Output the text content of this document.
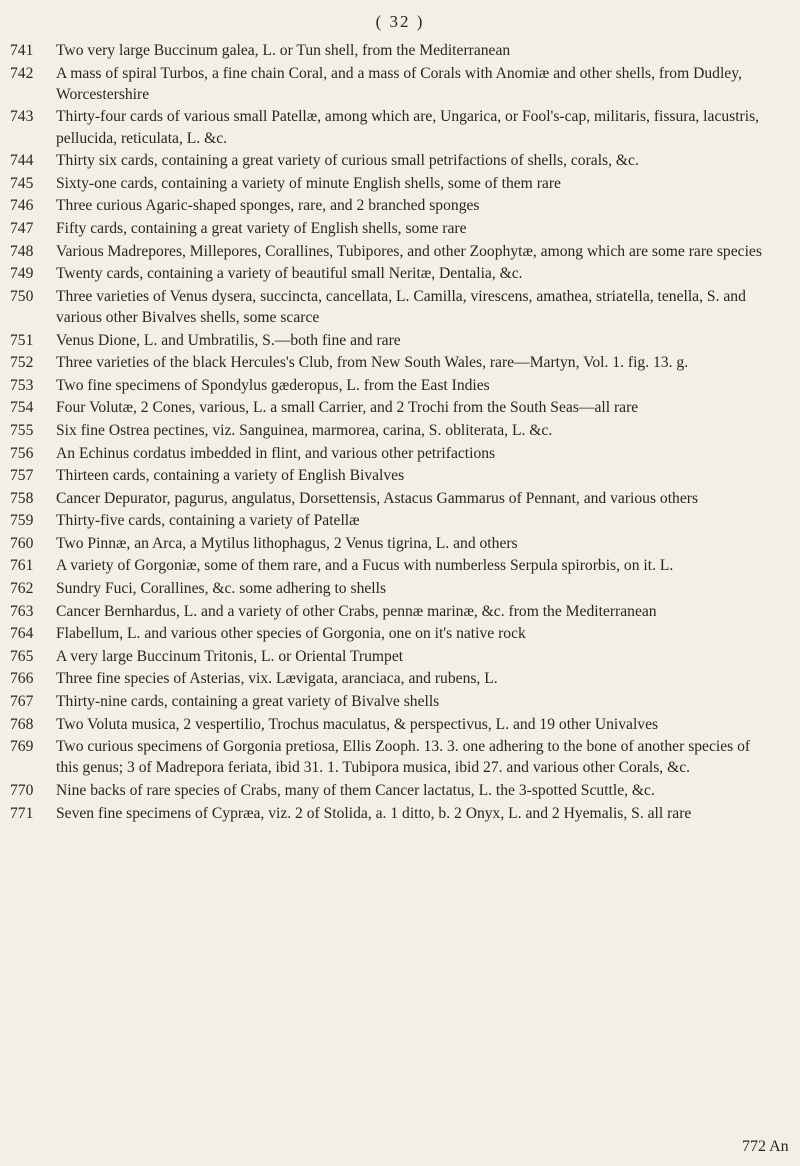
( 32 )
741	Two very large Buccinum galea, L. or Tun shell, from the Mediterranean
742	A mass of spiral Turbos, a fine chain Coral, and a mass of Corals with Anomiæ and other shells, from Dudley, Worcestershire
743	Thirty-four cards of various small Patellæ, among which are, Ungarica, or Fool's-cap, militaris, fissura, lacustris, pellucida, reticulata, L. &c.
744	Thirty six cards, containing a great variety of curious small petrifactions of shells, corals, &c.
745	Sixty-one cards, containing a variety of minute English shells, some of them rare
746	Three curious Agaric-shaped sponges, rare, and 2 branched sponges
747	Fifty cards, containing a great variety of English shells, some rare
748	Various Madrepores, Millepores, Corallines, Tubipores, and other Zoophytæ, among which are some rare species
749	Twenty cards, containing a variety of beautiful small Neritæ, Dentalia, &c.
750	Three varieties of Venus dysera, succincta, cancellata, L. Camilla, virescens, amathea, striatella, tenella, S. and various other Bivalves shells, some scarce
751	Venus Dione, L. and Umbratilis, S.—both fine and rare
752	Three varieties of the black Hercules's Club, from New South Wales, rare—Martyn, Vol. 1. fig. 13. g.
753	Two fine specimens of Spondylus gæderopus, L. from the East Indies
754	Four Volutæ, 2 Cones, various, L. a small Carrier, and 2 Trochi from the South Seas—all rare
755	Six fine Ostrea pectines, viz. Sanguinea, marmorea, carina, S. obliterata, L. &c.
756	An Echinus cordatus imbedded in flint, and various other petrifactions
757	Thirteen cards, containing a variety of English Bivalves
758	Cancer Depurator, pagurus, angulatus, Dorsettensis, Astacus Gammarus of Pennant, and various others
759	Thirty-five cards, containing a variety of Patellæ
760	Two Pinnæ, an Arca, a Mytilus lithophagus, 2 Venus tigrina, L. and others
761	A variety of Gorgoniæ, some of them rare, and a Fucus with numberless Serpula spirorbis, on it. L.
762	Sundry Fuci, Corallines, &c. some adhering to shells
763	Cancer Bernhardus, L. and a variety of other Crabs, pennæ marinæ, &c. from the Mediterranean
764	Flabellum, L. and various other species of Gorgonia, one on it's native rock
765	A very large Buccinum Tritonis, L. or Oriental Trumpet
766	Three fine species of Asterias, vix. Lævigata, aranciaca, and rubens, L.
767	Thirty-nine cards, containing a great variety of Bivalve shells
768	Two Voluta musica, 2 vespertilio, Trochus maculatus, & perspectivus, L. and 19 other Univalves
769	Two curious specimens of Gorgonia pretiosa, Ellis Zooph. 13. 3. one adhering to the bone of another species of this genus; 3 of Madrepora feriata, ibid 31. 1. Tubipora musica, ibid 27. and various other Corals, &c.
770	Nine backs of rare species of Crabs, many of them Cancer lactatus, L. the 3-spotted Scuttle, &c.
771	Seven fine specimens of Cypræa, viz. 2 of Stolida, a. 1 ditto, b. 2 Onyx, L. and 2 Hyemalis, S. all rare
772 An
